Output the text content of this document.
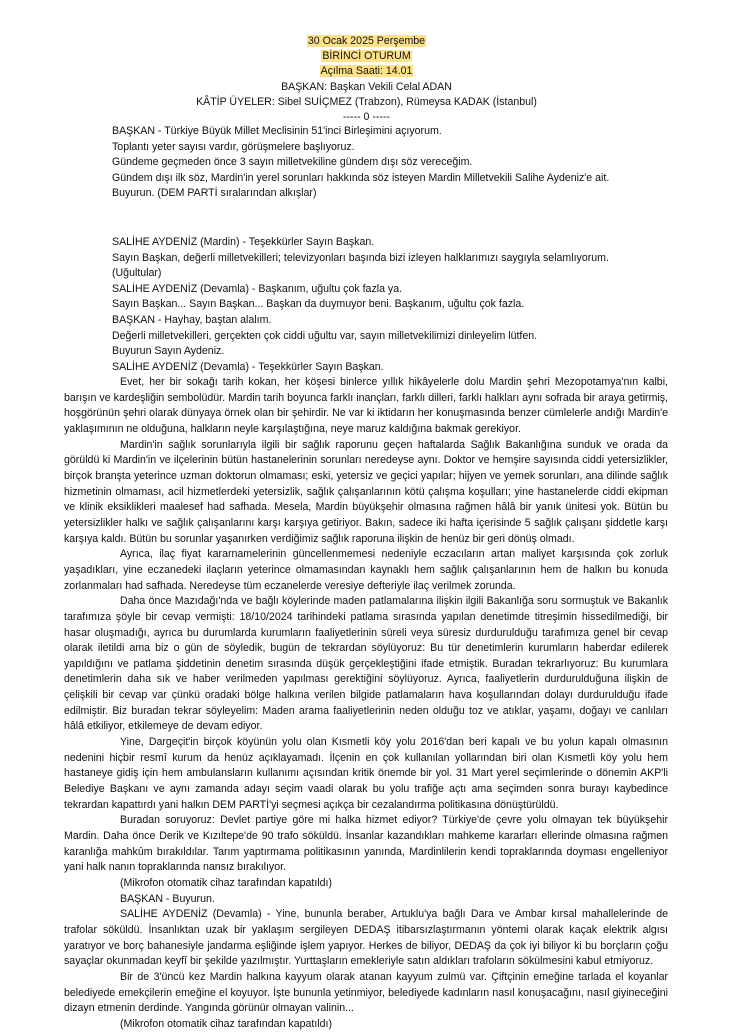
30 Ocak 2025 Perşembe
BİRİNCİ OTURUM
Açılma Saati: 14.01
BAŞKAN: Başkan Vekili Celal ADAN
KÂTİP ÜYELER: Sibel SUİÇMEZ (Trabzon), Rümeysa KADAK (İstanbul)
----- 0 -----
BAŞKAN - Türkiye Büyük Millet Meclisinin 51'inci Birleşimini açıyorum.
Toplantı yeter sayısı vardır, görüşmelere başlıyoruz.
Gündeme geçmeden önce 3 sayın milletvekiline gündem dışı söz vereceğim.
Gündem dışı ilk söz, Mardin'in yerel sorunları hakkında söz isteyen Mardin Milletvekili Salihe Aydeniz'e ait.
Buyurun. (DEM PARTİ sıralarından alkışlar)
SALİHE AYDENİZ (Mardin) - Teşekkürler Sayın Başkan.
Sayın Başkan, değerli milletvekilleri; televizyonları başında bizi izleyen halklarımızı saygıyla selamlıyorum.
(Uğultular)
SALİHE AYDENİZ (Devamla) - Başkanım, uğultu çok fazla ya.
Sayın Başkan... Sayın Başkan... Başkan da duymuyor beni. Başkanım, uğultu çok fazla.
BAŞKAN - Hayhay, baştan alalım.
Değerli milletvekilleri, gerçekten çok ciddi uğultu var, sayın milletvekilimizi dinleyelim lütfen.
Buyurun Sayın Aydeniz.
SALİHE AYDENİZ (Devamla) - Teşekkürler Sayın Başkan.

Evet, her bir sokağı tarih kokan, her köşesi binlerce yıllık hikâyelerle dolu Mardin şehri Mezopotamya'nın kalbi, barışın ve kardeşliğin sembolüdür. Mardin tarih boyunca farklı inançları, farklı dilleri, farklı halkları aynı sofrada bir araya getirmiş, hoşgörünün şehri olarak dünyaya örnek olan bir şehirdir. Ne var ki iktidarın her konuşmasında benzer cümlelerle andığı Mardin'e yaklaşımının ne olduğuna, halkların neyle karşılaştığına, neye maruz kaldığına bakmak gerekiyor.

Mardin'in sağlık sorunlarıyla ilgili bir sağlık raporunu geçen haftalarda Sağlık Bakanlığına sunduk ve orada da görüldü ki Mardin'in ve ilçelerinin bütün hastanelerinin sorunları neredeyse aynı. Doktor ve hemşire sayısında ciddi yetersizlikler, birçok branşta yeterince uzman doktorun olmaması; eski, yetersiz ve geçici yapılar; hijyen ve yemek sorunları, ana dilinde sağlık hizmetinin olmaması, acil hizmetlerdeki yetersizlik, sağlık çalışanlarının kötü çalışma koşulları; yine hastanelerde ciddi ekipman ve klinik eksiklikleri maalesef had safhada. Mesela, Mardin büyükşehir olmasına rağmen hâlâ bir yanık ünitesi yok. Bütün bu yetersizlikler halkı ve sağlık çalışanlarını karşı karşıya getiriyor. Bakın, sadece iki hafta içerisinde 5 sağlık çalışanı şiddetle karşı karşıya kaldı. Bütün bu sorunlar yaşanırken verdiğimiz sağlık raporuna ilişkin de henüz bir geri dönüş olmadı.

Ayrıca, ilaç fiyat kararnamelerinin güncellenmemesi nedeniyle eczacıların artan maliyet karşısında çok zorluk yaşadıkları, yine eczanedeki ilaçların yeterince olmamasından kaynaklı hem sağlık çalışanlarının hem de halkın bu konuda zorlanmaları had safhada. Neredeyse tüm eczanelerde veresiye defteriyle ilaç verilmek zorunda.

Daha önce Mazıdağı'nda ve bağlı köylerinde maden patlamalarına ilişkin ilgili Bakanlığa soru sormuştuk ve Bakanlık tarafımıza şöyle bir cevap vermişti: 18/10/2024 tarihindeki patlama sırasında yapılan denetimde titreşimin hissedilmediği, bir hasar oluşmadığı, ayrıca bu durumlarda kurumların faaliyetlerinin süreli veya süresiz durdurulduğu tarafımıza genel bir cevap olarak iletildi ama biz o gün de söyledik, bugün de tekrardan söylüyoruz: Bu tür denetimlerin kurumların haberdar edilerek yapıldığını ve patlama şiddetinin denetim sırasında düşük gerçekleştiğini ifade etmiştik. Buradan tekrarlıyoruz: Bu kurumlara denetimlerin daha sık ve haber verilmeden yapılması gerektiğini söylüyoruz. Ayrıca, faaliyetlerin durdurulduğuna ilişkin de çelişkili bir cevap var çünkü oradaki bölge halkına verilen bilgide patlamaların hava koşullarından dolayı durdurulduğu ifade edilmiştir. Biz buradan tekrar söyleyelim: Maden arama faaliyetlerinin neden olduğu toz ve atıklar, yaşamı, doğayı ve canlıları hâlâ etkiliyor, etkilemeye de devam ediyor.

Yine, Dargeçit'in birçok köyünün yolu olan Kısmetli köy yolu 2016'dan beri kapalı ve bu yolun kapalı olmasının nedenini hiçbir resmî kurum da henüz açıklayamadı. İlçenin en çok kullanılan yollarından biri olan Kısmetli köy yolu hem hastaneye gidiş için hem ambulansların kullanımı açısından kritik önemde bir yol. 31 Mart yerel seçimlerinde o dönemin AKP'li Belediye Başkanı ve aynı zamanda adayı seçim vaadi olarak bu yolu trafiğe açtı ama seçimden sonra burayı kaybedince tekrardan kapattırdı yani halkın DEM PARTİ'yi seçmesi açıkça bir cezalandırma politikasına dönüştürüldü.

Buradan soruyoruz: Devlet partiye göre mi halka hizmet ediyor? Türkiye'de çevre yolu olmayan tek büyükşehir Mardin. Daha önce Derik ve Kızıltepe'de 90 trafo söküldü. İnsanlar kazandıkları mahkeme kararları ellerinde olmasına rağmen karanlığa mahkûm bırakıldılar. Tarım yaptırmama politikasının yanında, Mardinlilerin kendi topraklarında doyması engelleniyor yani halk nanın topraklarında nansız bırakılıyor.

(Mikrofon otomatik cihaz tarafından kapatıldı)

BAŞKAN - Buyurun.

SALİHE AYDENİZ (Devamla) - Yine, bununla beraber, Artuklu'ya bağlı Dara ve Ambar kırsal mahallelerinde de trafolar söküldü. İnsanlıktan uzak bir yaklaşım sergileyen DEDAŞ itibarsızlaştırmanın yöntemi olarak kaçak elektrik algısı yaratıyor ve borç bahanesiyle jandarma eşliğinde işlem yapıyor. Herkes de biliyor, DEDAŞ da çok iyi biliyor ki bu borçların çoğu sayaçlar okunmadan keyfî bir şekilde yazılmıştır. Yurttaşların emekleriyle satın aldıkları trafoların sökülmesini kabul etmiyoruz.

Bir de 3'üncü kez Mardin halkına kayyum olarak atanan kayyum zulmü var. Çiftçinin emeğine tarlada el koyanlar belediyede emekçilerin emeğine el koyuyor. İşte bununla yetinmiyor, belediyede kadınların nasıl konuşacağını, nasıl giyineceğini dizayn etmenin derdinde. Yangında görünür olmayan valinin...

(Mikrofon otomatik cihaz tarafından kapatıldı)
